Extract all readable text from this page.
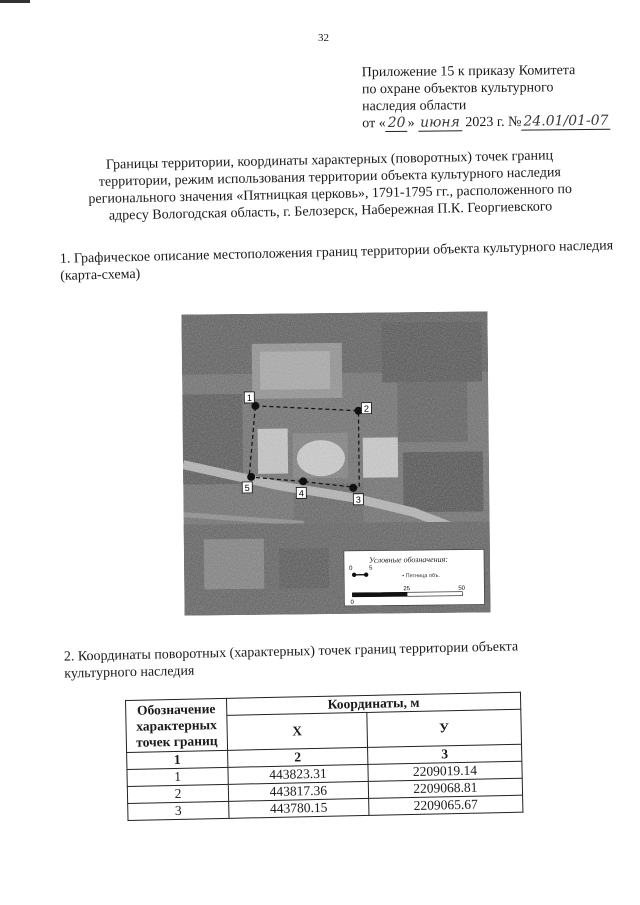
32
Приложение 15 к приказу Комитета
по охране объектов культурного
наследия области
от « 20 » июня 2023 г. № 24.01/01-07
Границы территории, координаты характерных (поворотных) точек границ территории, режим использования территории объекта культурного наследия регионального значения «Пятницкая церковь», 1791-1795 гг., расположенного по адресу Вологодская область, г. Белозерск, Набережная П.К. Георгиевского
1. Графическое описание местоположения границ территории объекта культурного наследия (карта-схема)
1
2
3
4
5
Условные обозначения:
0	5
• Пятница объ.
0
25	50
2. Координаты поворотных (характерных) точек границ территории объекта культурного наследия
Обозначение характерных точек границ	Координаты, м	
	X	У
1	2	3
1	443823.31	2209019.14
2	443817.36	2209068.81
3	443780.15	2209065.67
